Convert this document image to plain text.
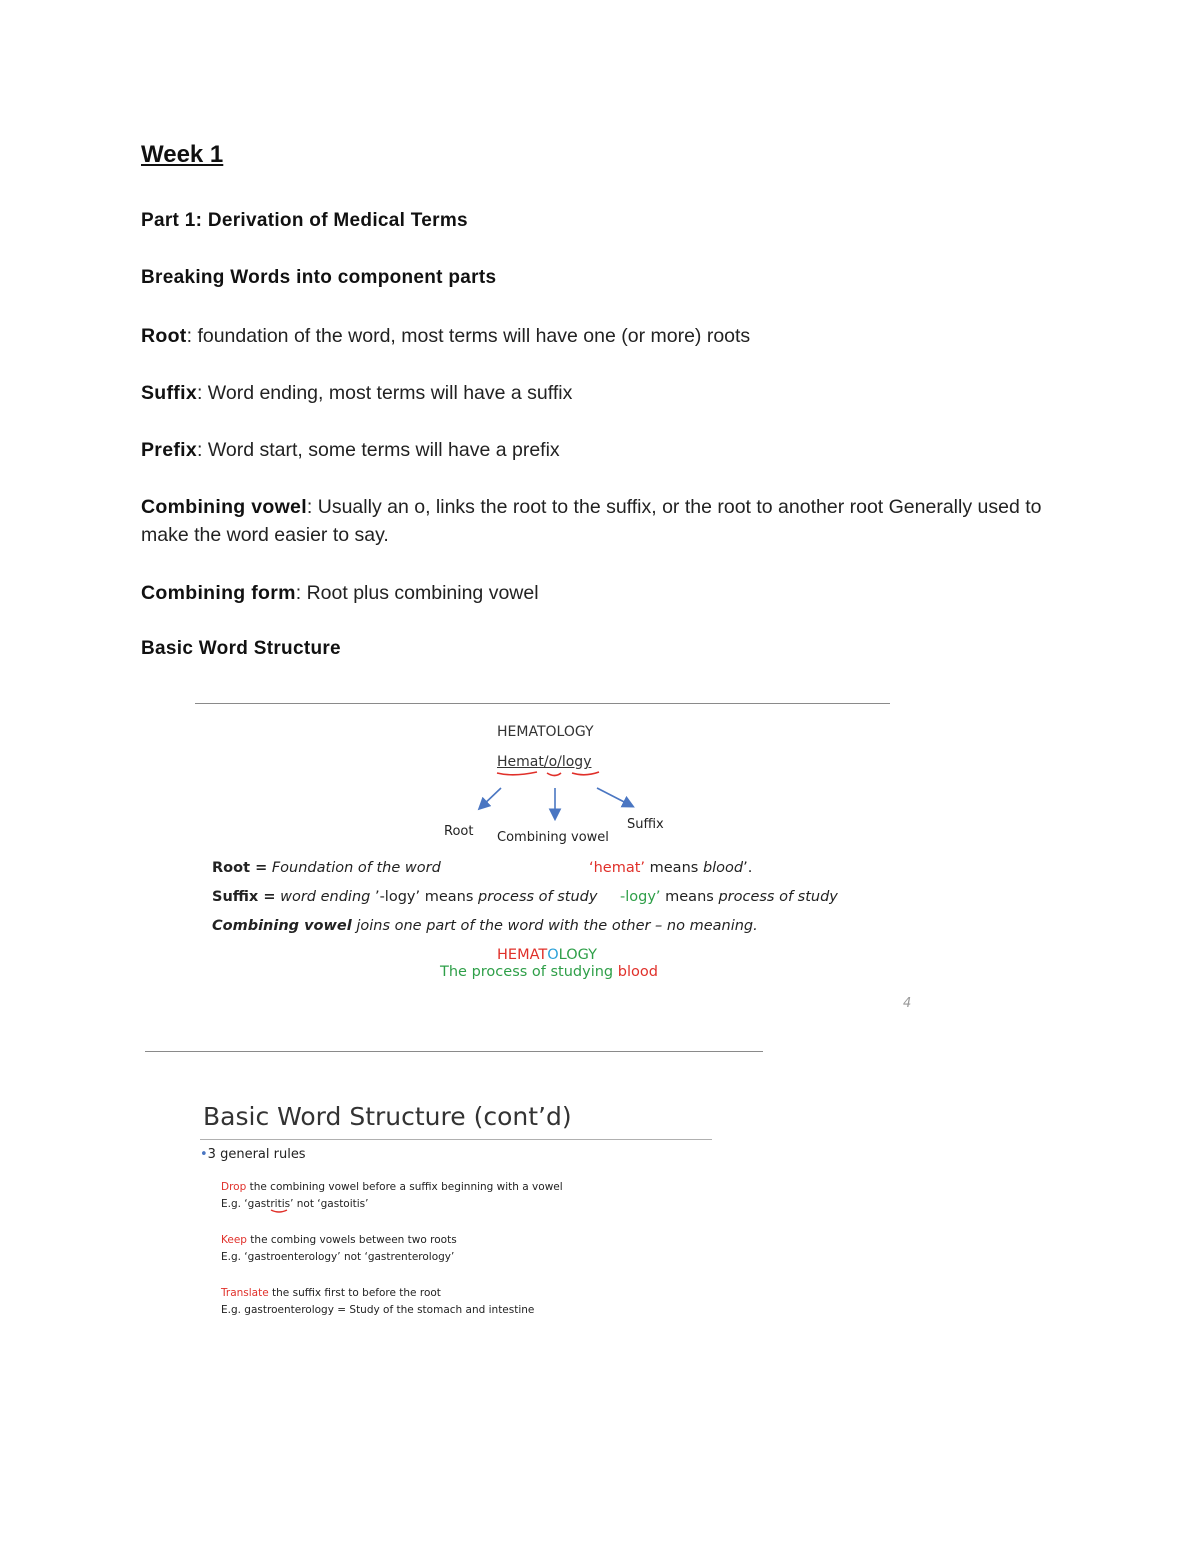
Week 1
Part 1: Derivation of Medical Terms
Breaking Words into component parts

Root: foundation of the word, most terms will have one (or more) roots

Suffix: Word ending, most terms will have a suffix

Prefix: Word start, some terms will have a prefix

Combining vowel: Usually an o, links the root to the suffix, or the root to another root Generally used to make the word easier to say.

Combining form: Root plus combining vowel

Basic Word Structure
HEMATOLOGY
Hemat/o/logy
Root Combining vowel
Suffix
Root = Foundation of the word	‘hemat’ means blood’.
Suffix = word ending ’-logy’ means process of study -logy’ means process of study
Combining vowel joins one part of the word with the other – no meaning.
HEMATOLOGY
The process of studying blood
4
Basic Word Structure (cont’d)
•3 general rules
Drop the combining vowel before a suffix beginning with a vowel
E.g. ‘gastritis’ not ‘gastoitis’
Keep the combing vowels between two roots
E.g. ‘gastroenterology’ not ‘gastrenterology’
Translate the suffix first to before the root
E.g. gastroenterology = Study of the stomach and intestine
